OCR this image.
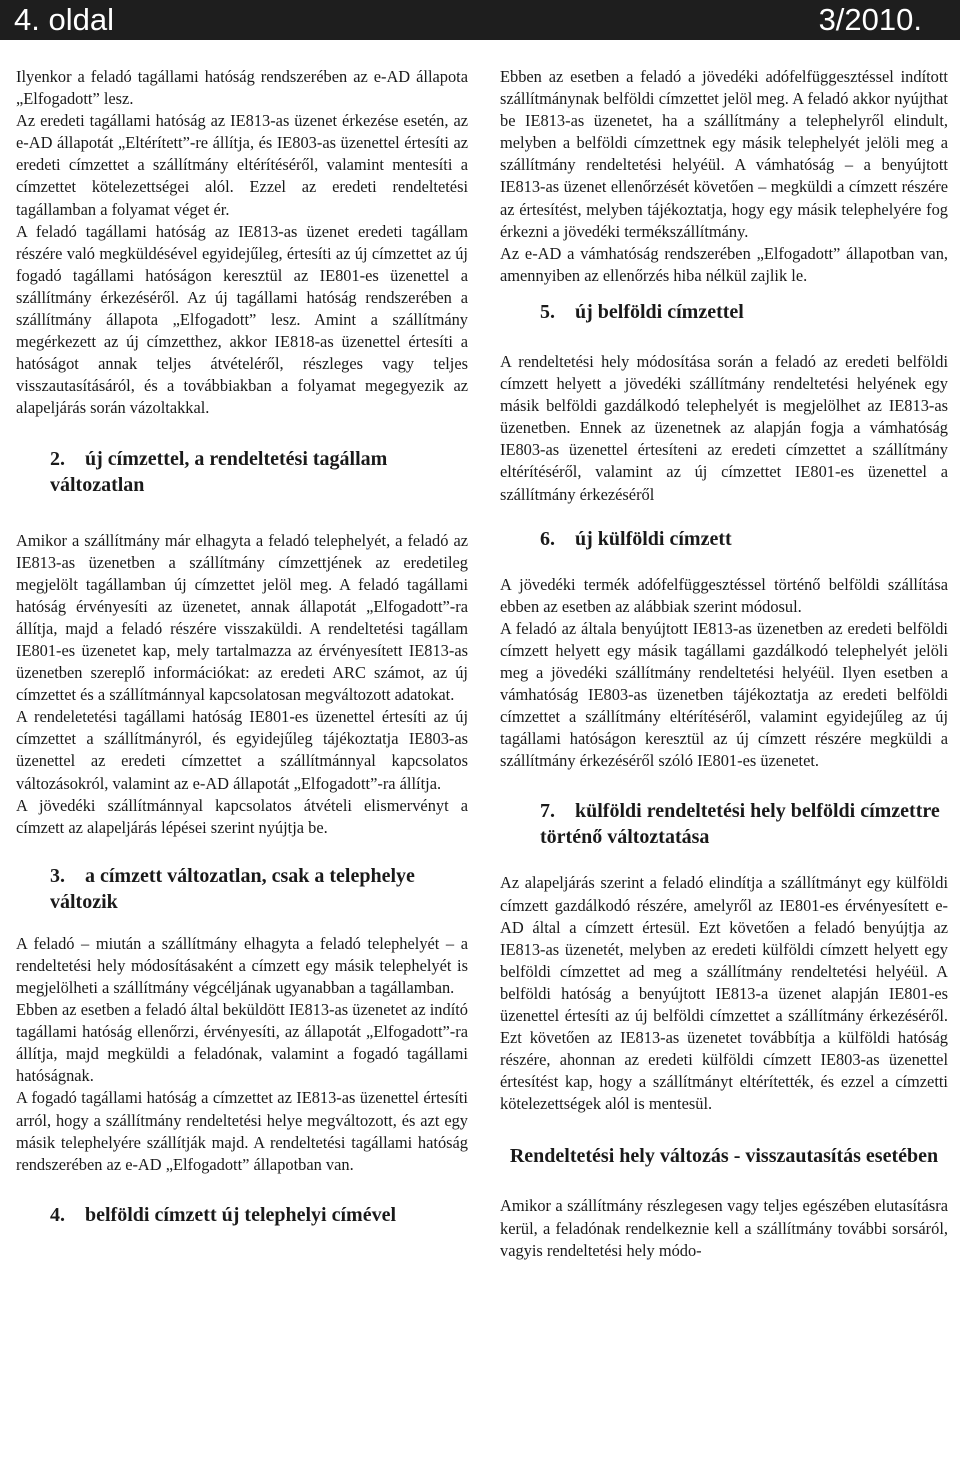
4. oldal	3/2010.

Ilyenkor a feladó tagállami hatóság rendszerében az e-AD állapota „Elfogadott” lesz.

Az eredeti tagállami hatóság az IE813-as üzenet érkezése esetén, az e-AD állapotát „Eltérített”-re állítja, és IE803-as üzenettel értesíti az eredeti címzettet a szállítmány eltérítéséről, valamint mentesíti a címzettet kötelezettségei alól. Ezzel az eredeti rendeltetési tagállamban a folyamat véget ér.

A feladó tagállami hatóság az IE813-as üzenet eredeti tagállam részére való megküldésével egyidejűleg, értesíti az új címzettet az új fogadó tagállami hatóságon keresztül az IE801-es üzenettel a szállítmány érkezéséről. Az új tagállami hatóság rendszerében a szállítmány állapota „Elfogadott” lesz. Amint a szállítmány megérkezett az új címzetthez, akkor IE818-as üzenettel értesíti a hatóságot annak teljes átvételéről, részleges vagy teljes visszautasításáról, és a továbbiakban a folyamat megegyezik az alapeljárás során vázoltakkal.

2. új címzettel, a rendeltetési tagállam változatlan

Amikor a szállítmány már elhagyta a feladó telephelyét, a feladó az IE813-as üzenetben a szállítmány címzettjének az eredetileg megjelölt tagállamban új címzettet jelöl meg. A feladó tagállami hatóság érvényesíti az üzenetet, annak állapotát „Elfogadott”-ra állítja, majd a feladó részére visszaküldi. A rendeltetési tagállam IE801-es üzenetet kap, mely tartalmazza az érvényesített IE813-as üzenetben szereplő információkat: az eredeti ARC számot, az új címzettet és a szállítmánnyal kapcsolatosan megváltozott adatokat.

A rendeletetési tagállami hatóság IE801-es üzenettel értesíti az új címzettet a szállítmányról, és egyidejűleg tájékoztatja IE803-as üzenettel az eredeti címzettet a szállítmánnyal kapcsolatos változásokról, valamint az e-AD állapotát „Elfogadott”-ra állítja.

A jövedéki szállítmánnyal kapcsolatos átvételi elismervényt a címzett az alapeljárás lépései szerint nyújtja be.

3. a címzett változatlan, csak a telephelye változik

A feladó – miután a szállítmány elhagyta a feladó telephelyét – a rendeltetési hely módosításaként a címzett egy másik telephelyét is megjelölheti a szállítmány végcéljának ugyanabban a tagállamban.

Ebben az esetben a feladó által beküldött IE813-as üzenetet az indító tagállami hatóság ellenőrzi, érvényesíti, az állapotát „Elfogadott”-ra állítja, majd megküldi a feladónak, valamint a fogadó tagállami hatóságnak.

A fogadó tagállami hatóság a címzettet az IE813-as üzenettel értesíti arról, hogy a szállítmány rendeltetési helye megváltozott, és azt egy másik telephelyére szállítják majd. A rendeltetési tagállami hatóság rendszerében az e-AD „Elfogadott” állapotban van.

4. belföldi címzett új telephelyi címével

Ebben az esetben a feladó a jövedéki adófelfüggesztéssel indított szállítmánynak belföldi címzettet jelöl meg. A feladó akkor nyújthat be IE813-as üzenetet, ha a szállítmány a telephelyről elindult, melyben a belföldi címzettnek egy másik telephelyét jelöli meg a szállítmány rendeltetési helyéül. A vámhatóság – a benyújtott IE813-as üzenet ellenőrzését követően – megküldi a címzett részére az értesítést, melyben tájékoztatja, hogy egy másik telephelyére fog érkezni a jövedéki termékszállítmány.

Az e-AD a vámhatóság rendszerében „Elfogadott” állapotban van, amennyiben az ellenőrzés hiba nélkül zajlik le.

5. új belföldi címzettel

A rendeltetési hely módosítása során a feladó az eredeti belföldi címzett helyett a jövedéki szállítmány rendeltetési helyének egy másik belföldi gazdálkodó telephelyét is megjelölhet az IE813-as üzenetben. Ennek az üzenetnek az alapján fogja a vámhatóság IE803-as üzenettel értesíteni az eredeti címzettet a szállítmány eltérítéséről, valamint az új címzettet IE801-es üzenettel a szállítmány érkezéséről

6. új külföldi címzett

A jövedéki termék adófelfüggesztéssel történő belföldi szállítása ebben az esetben az alábbiak szerint módosul.

A feladó az általa benyújtott IE813-as üzenetben az eredeti belföldi címzett helyett egy másik tagállami gazdálkodó telephelyét jelöli meg a jövedéki szállítmány rendeltetési helyéül. Ilyen esetben a vámhatóság IE803-as üzenetben tájékoztatja az eredeti belföldi címzettet a szállítmány eltérítéséről, valamint egyidejűleg az új tagállami hatóságon keresztül az új címzett részére megküldi a szállítmány érkezéséről szóló IE801-es üzenetet.

7. külföldi rendeltetési hely belföldi címzettre történő változtatása

Az alapeljárás szerint a feladó elindítja a szállítmányt egy külföldi címzett gazdálkodó részére, amelyről az IE801-es érvényesített e-AD által a címzett értesül. Ezt követően a feladó benyújtja az IE813-as üzenetét, melyben az eredeti külföldi címzett helyett egy belföldi címzettet ad meg a szállítmány rendeltetési helyéül. A belföldi hatóság a benyújtott IE813-a üzenet alapján IE801-es üzenettel értesíti az új belföldi címzettet a szállítmány érkezéséről. Ezt követően az IE813-as üzenetet továbbítja a külföldi hatóság részére, ahonnan az eredeti külföldi címzett IE803-as üzenettel értesítést kap, hogy a szállítmányt eltérítették, és ezzel a címzetti kötelezettségek alól is mentesül.

Rendeltetési hely változás - visszautasítás esetében

Amikor a szállítmány részlegesen vagy teljes egészében elutasításra kerül, a feladónak rendelkeznie kell a szállítmány további sorsáról, vagyis rendeltetési hely módo-
